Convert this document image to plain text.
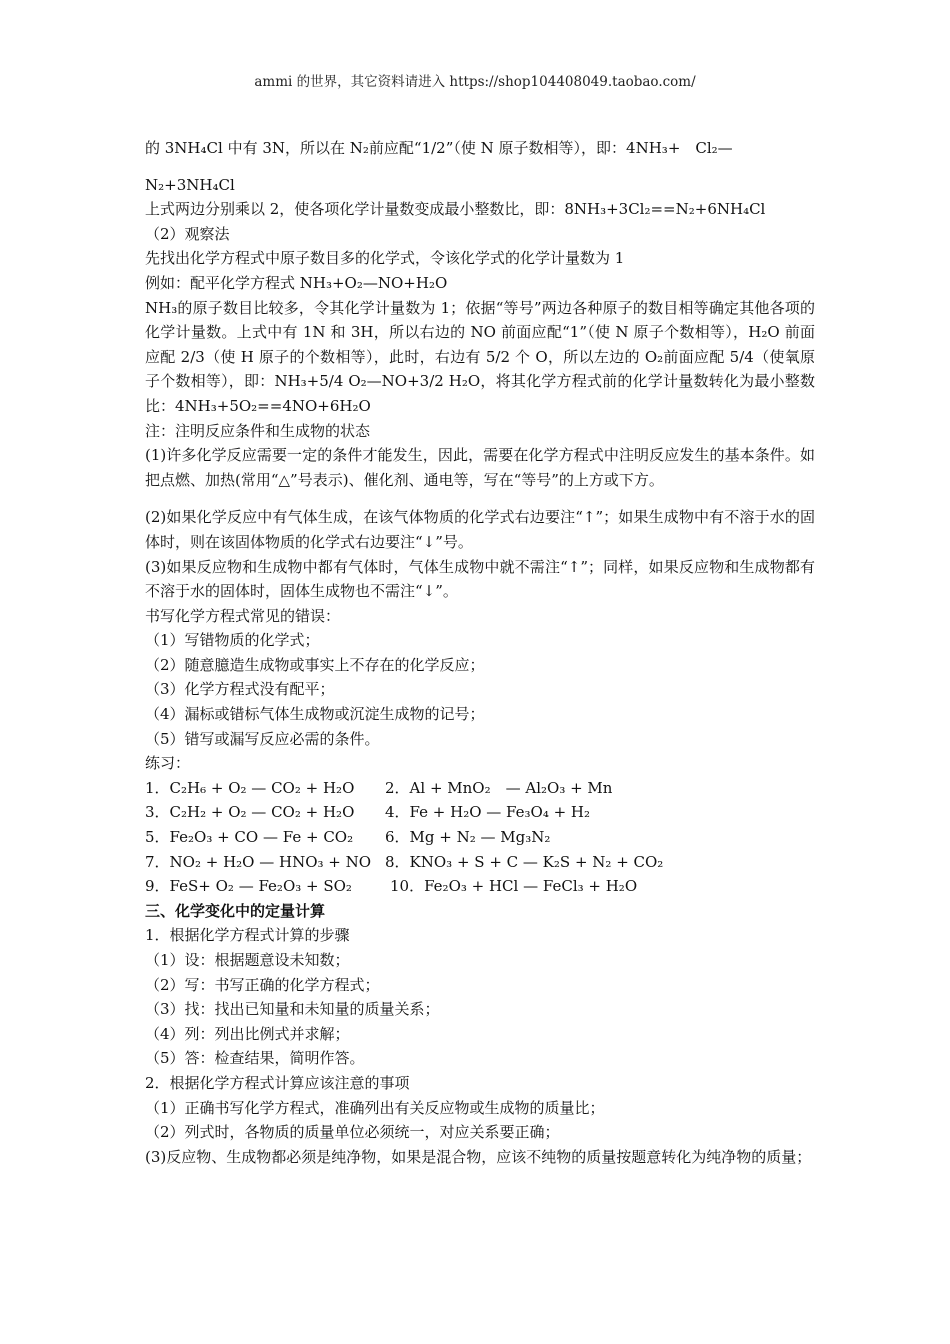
ammi 的世界，其它资料请进入 https://shop104408049.taobao.com/
的 3NH₄Cl 中有 3N，所以在 N₂前应配“1/2”（使 N 原子数相等），即：4NH₃+　Cl₂—
N₂+3NH₄Cl
上式两边分别乘以 2，使各项化学计量数变成最小整数比，即：8NH₃+3Cl₂==N₂+6NH₄Cl
（2）观察法
先找出化学方程式中原子数目多的化学式，令该化学式的化学计量数为 1
例如：配平化学方程式 NH₃+O₂—NO+H₂O
NH₃的原子数目比较多，令其化学计量数为 1；依据“等号”两边各种原子的数目相等确定其他各项的化学计量数。上式中有 1N 和 3H，所以右边的 NO 前面应配“1”（使 N 原子个数相等），H₂O 前面应配 2/3（使 H 原子的个数相等），此时，右边有 5/2 个 O，所以左边的 O₂前面应配 5/4（使氧原子个数相等），即：NH₃+5/4 O₂—NO+3/2 H₂O，将其化学方程式前的化学计量数转化为最小整数比：4NH₃+5O₂==4NO+6H₂O
注：注明反应条件和生成物的状态
(1)许多化学反应需要一定的条件才能发生，因此，需要在化学方程式中注明反应发生的基本条件。如把点燃、加热(常用“△”号表示)、催化剂、通电等，写在“等号”的上方或下方。
(2)如果化学反应中有气体生成，在该气体物质的化学式右边要注“↑”；如果生成物中有不溶于水的固体时，则在该固体物质的化学式右边要注“↓”号。
(3)如果反应物和生成物中都有气体时，气体生成物中就不需注“↑”；同样，如果反应物和生成物都有不溶于水的固体时，固体生成物也不需注“↓”。
书写化学方程式常见的错误：
（1）写错物质的化学式；
（2）随意臆造生成物或事实上不存在的化学反应；
（3）化学方程式没有配平；
（4）漏标或错标气体生成物或沉淀生成物的记号；
（5）错写或漏写反应必需的条件。
练习：
1．C₂H₆ + O₂ — CO₂ + H₂O	2．Al + MnO₂　— Al₂O₃ + Mn
3．C₂H₂ + O₂ — CO₂ + H₂O	4．Fe + H₂O — Fe₃O₄ + H₂
5．Fe₂O₃ + CO — Fe + CO₂	6．Mg + N₂ — Mg₃N₂
7．NO₂ + H₂O — HNO₃ + NO 8．KNO₃ + S + C — K₂S + N₂ + CO₂
9．FeS+ O₂ — Fe₂O₃ + SO₂	10．Fe₂O₃ + HCl — FeCl₃ + H₂O
三、化学变化中的定量计算
1．根据化学方程式计算的步骤
（1）设：根据题意设未知数；
（2）写：书写正确的化学方程式；
（3）找：找出已知量和未知量的质量关系；
（4）列：列出比例式并求解；
（5）答：检查结果，简明作答。
2．根据化学方程式计算应该注意的事项
（1）正确书写化学方程式，准确列出有关反应物或生成物的质量比；
（2）列式时，各物质的质量单位必须统一，对应关系要正确；
(3)反应物、生成物都必须是纯净物，如果是混合物，应该不纯物的质量按题意转化为纯净物的质量；
